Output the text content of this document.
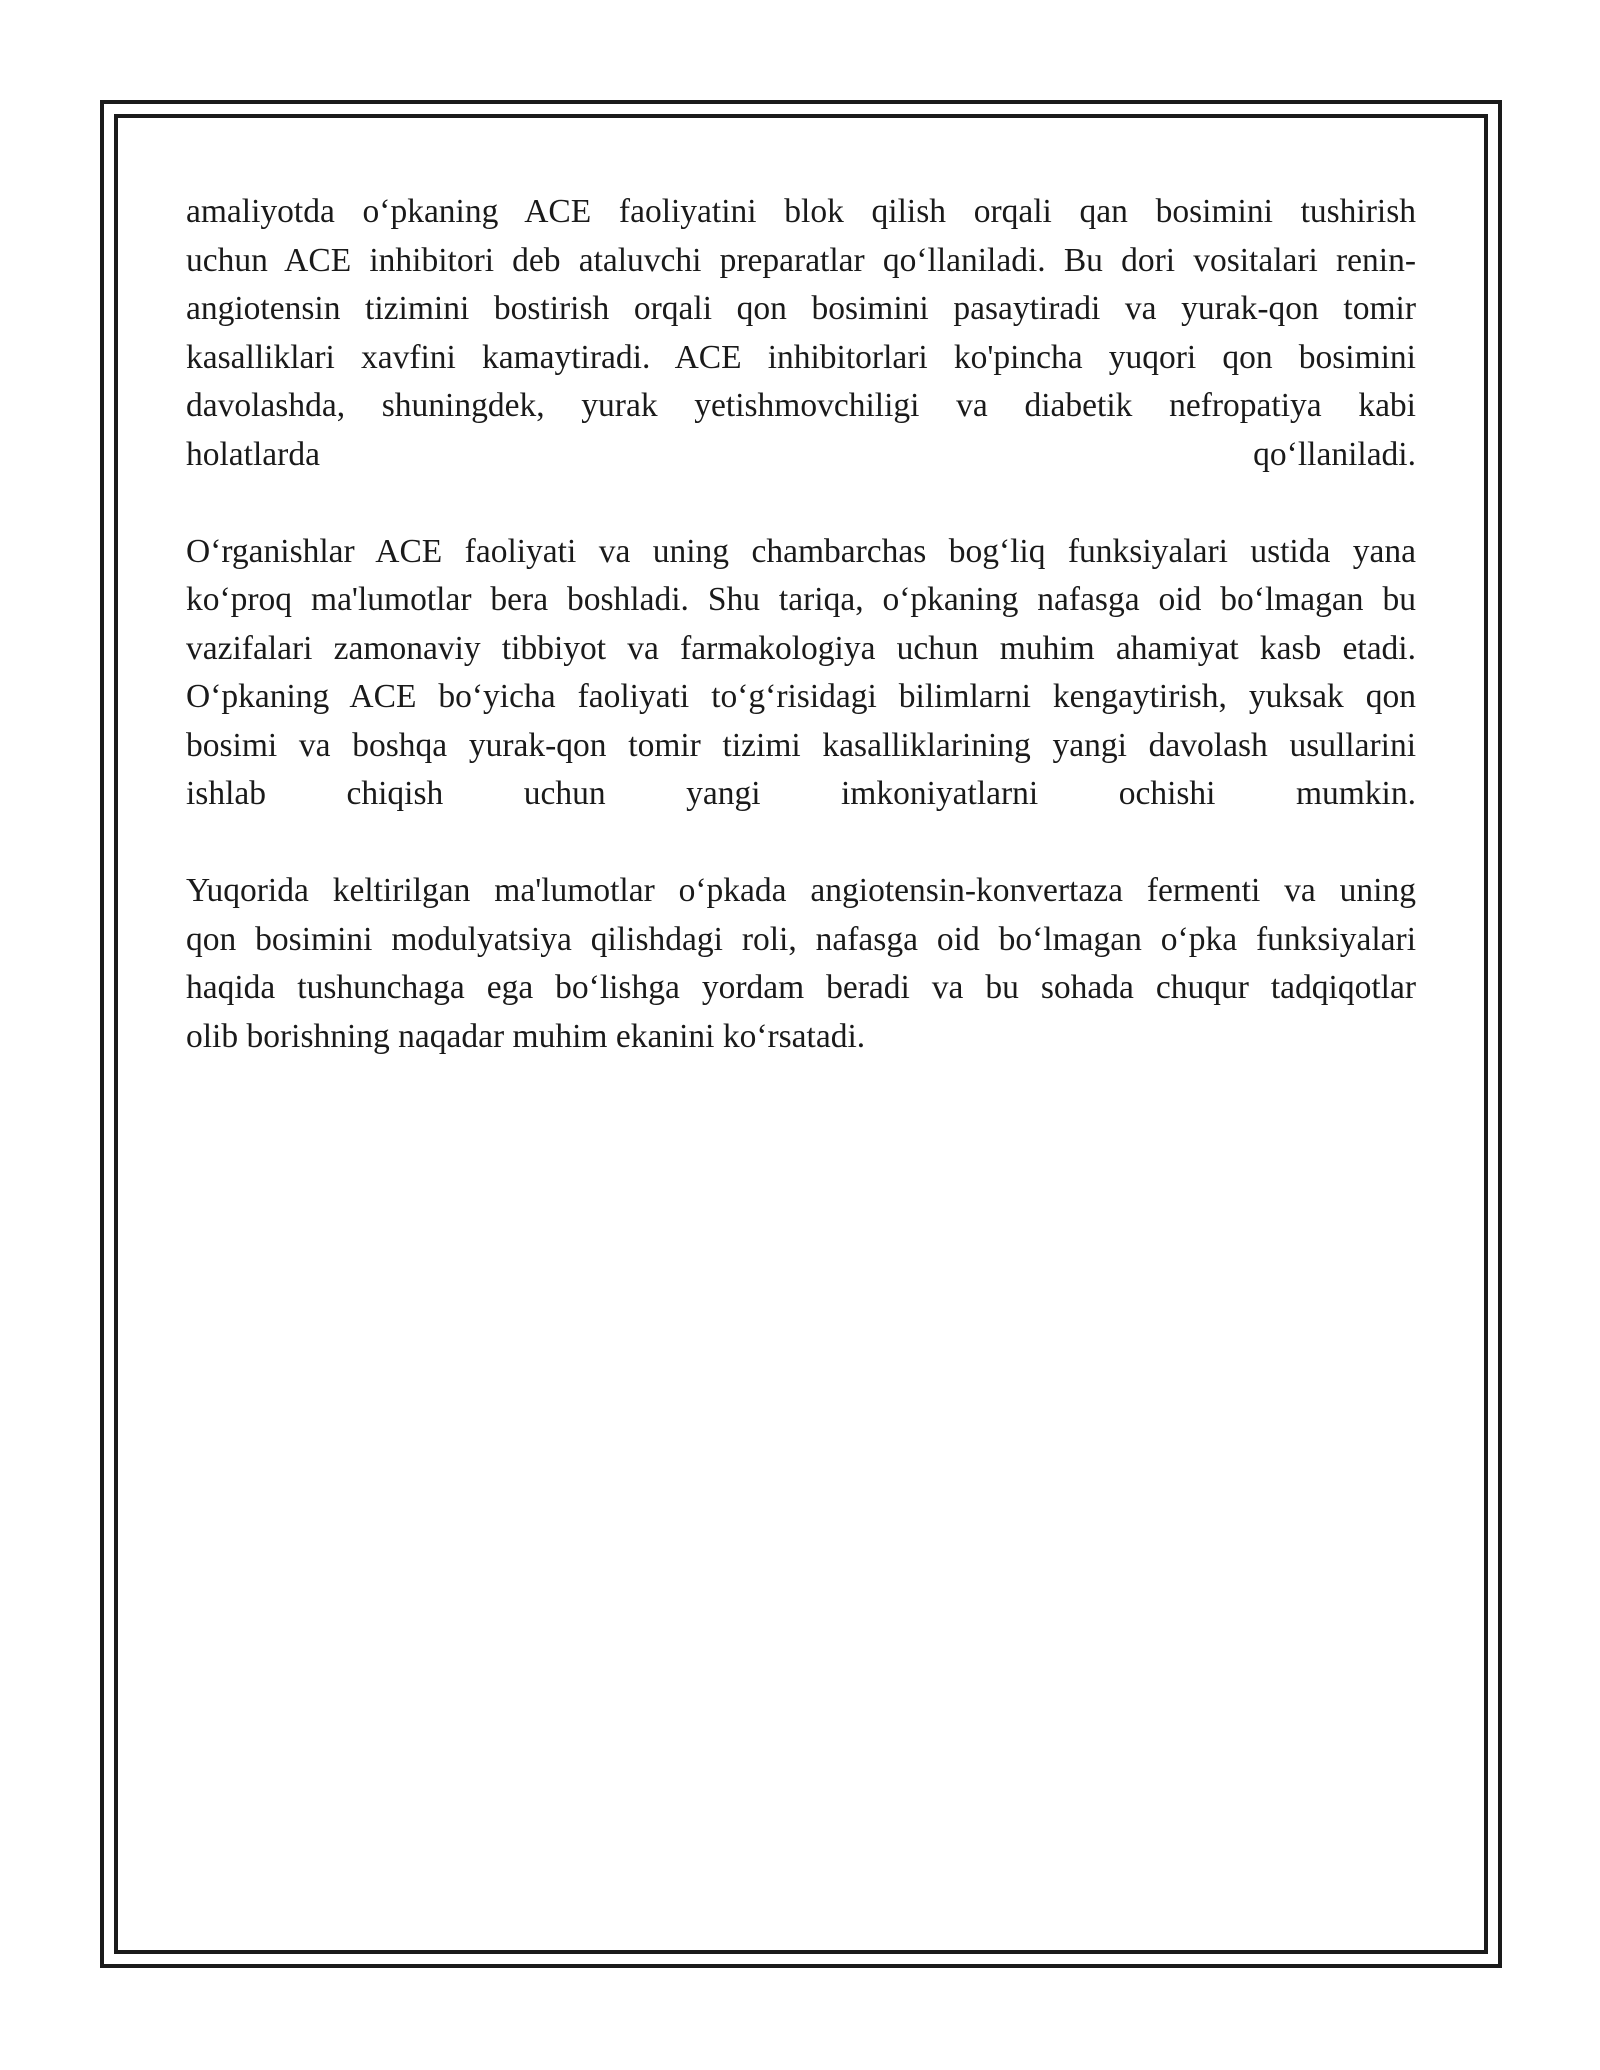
amaliyotda o‘pkaning ACE faoliyatini blok qilish orqali qan bosimini tushirish

uchun ACE inhibitori deb ataluvchi preparatlar qo‘llaniladi. Bu dori vositalari renin-

angiotensin tizimini bostirish orqali qon bosimini pasaytiradi va yurak-qon tomir

kasalliklari xavfini kamaytiradi. ACE inhibitorlari ko'pincha yuqori qon bosimini

davolashda, shuningdek, yurak yetishmovchiligi va diabetik nefropatiya kabi

holatlarda qo‘llaniladi.

O‘rganishlar ACE faoliyati va uning chambarchas bog‘liq funksiyalari ustida yana

ko‘proq ma'lumotlar bera boshladi. Shu tariqa, o‘pkaning nafasga oid bo‘lmagan bu

vazifalari zamonaviy tibbiyot va farmakologiya uchun muhim ahamiyat kasb etadi.

O‘pkaning ACE bo‘yicha faoliyati to‘g‘risidagi bilimlarni kengaytirish, yuksak qon

bosimi va boshqa yurak-qon tomir tizimi kasalliklarining yangi davolash usullarini

ishlab chiqish uchun yangi imkoniyatlarni ochishi mumkin.

Yuqorida keltirilgan ma'lumotlar o‘pkada angiotensin-konvertaza fermenti va uning

qon bosimini modulyatsiya qilishdagi roli, nafasga oid bo‘lmagan o‘pka funksiyalari

haqida tushunchaga ega bo‘lishga yordam beradi va bu sohada chuqur tadqiqotlar

olib borishning naqadar muhim ekanini ko‘rsatadi.
